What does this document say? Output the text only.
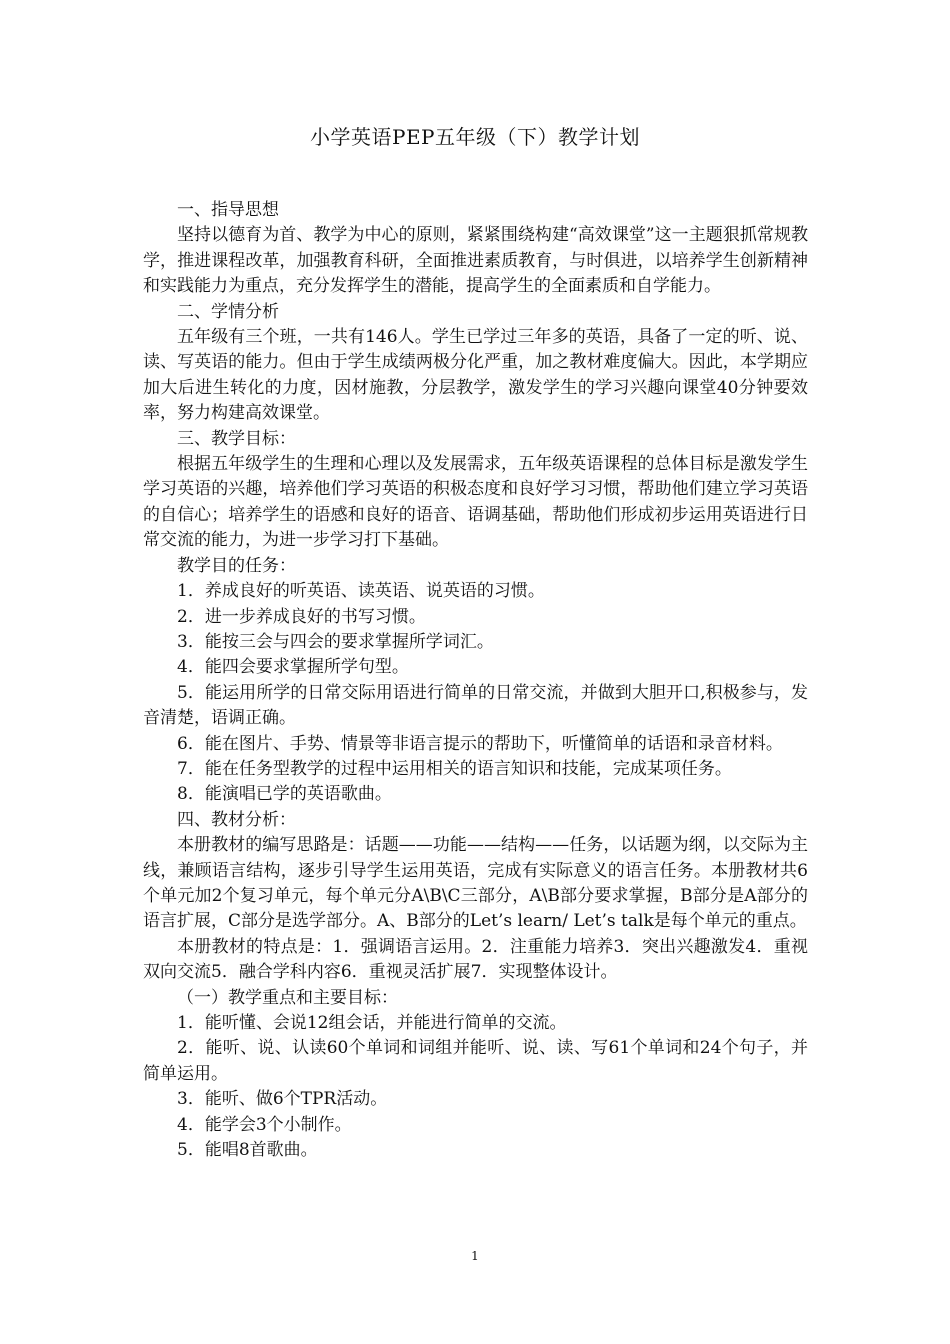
小学英语PEP五年级（下）教学计划

一、指导思想

坚持以德育为首、教学为中心的原则，紧紧围绕构建“高效课堂”这一主题狠抓常规教学，推进课程改革，加强教育科研，全面推进素质教育，与时俱进，以培养学生创新精神和实践能力为重点，充分发挥学生的潜能，提高学生的全面素质和自学能力。

二、学情分析

五年级有三个班，一共有146人。学生已学过三年多的英语，具备了一定的听、说、读、写英语的能力。但由于学生成绩两极分化严重，加之教材难度偏大。因此，本学期应加大后进生转化的力度，因材施教，分层教学，激发学生的学习兴趣向课堂40分钟要效率，努力构建高效课堂。

三、教学目标：

根据五年级学生的生理和心理以及发展需求，五年级英语课程的总体目标是激发学生学习英语的兴趣，培养他们学习英语的积极态度和良好学习习惯，帮助他们建立学习英语的自信心；培养学生的语感和良好的语音、语调基础，帮助他们形成初步运用英语进行日常交流的能力，为进一步学习打下基础。

教学目的任务：

1．养成良好的听英语、读英语、说英语的习惯。

2．进一步养成良好的书写习惯。

3．能按三会与四会的要求掌握所学词汇。

4．能四会要求掌握所学句型。

5．能运用所学的日常交际用语进行简单的日常交流，并做到大胆开口,积极参与，发音清楚，语调正确。

6．能在图片、手势、情景等非语言提示的帮助下，听懂简单的话语和录音材料。

7．能在任务型教学的过程中运用相关的语言知识和技能，完成某项任务。

8．能演唱已学的英语歌曲。

四、教材分析：

本册教材的编写思路是：话题——功能——结构——任务，以话题为纲，以交际为主线，兼顾语言结构，逐步引导学生运用英语，完成有实际意义的语言任务。本册教材共6个单元加2个复习单元，每个单元分A\B\C三部分，A\B部分要求掌握，B部分是A部分的语言扩展，C部分是选学部分。A、B部分的Let’s learn/ Let’s talk是每个单元的重点。

本册教材的特点是：1．强调语言运用。2．注重能力培养3．突出兴趣激发4．重视双向交流5．融合学科内容6．重视灵活扩展7．实现整体设计。

（一）教学重点和主要目标：

1．能听懂、会说12组会话，并能进行简单的交流。

2．能听、说、认读60个单词和词组并能听、说、读、写61个单词和24个句子，并简单运用。

3．能听、做6个TPR活动。

4．能学会3个小制作。

5．能唱8首歌曲。

1
